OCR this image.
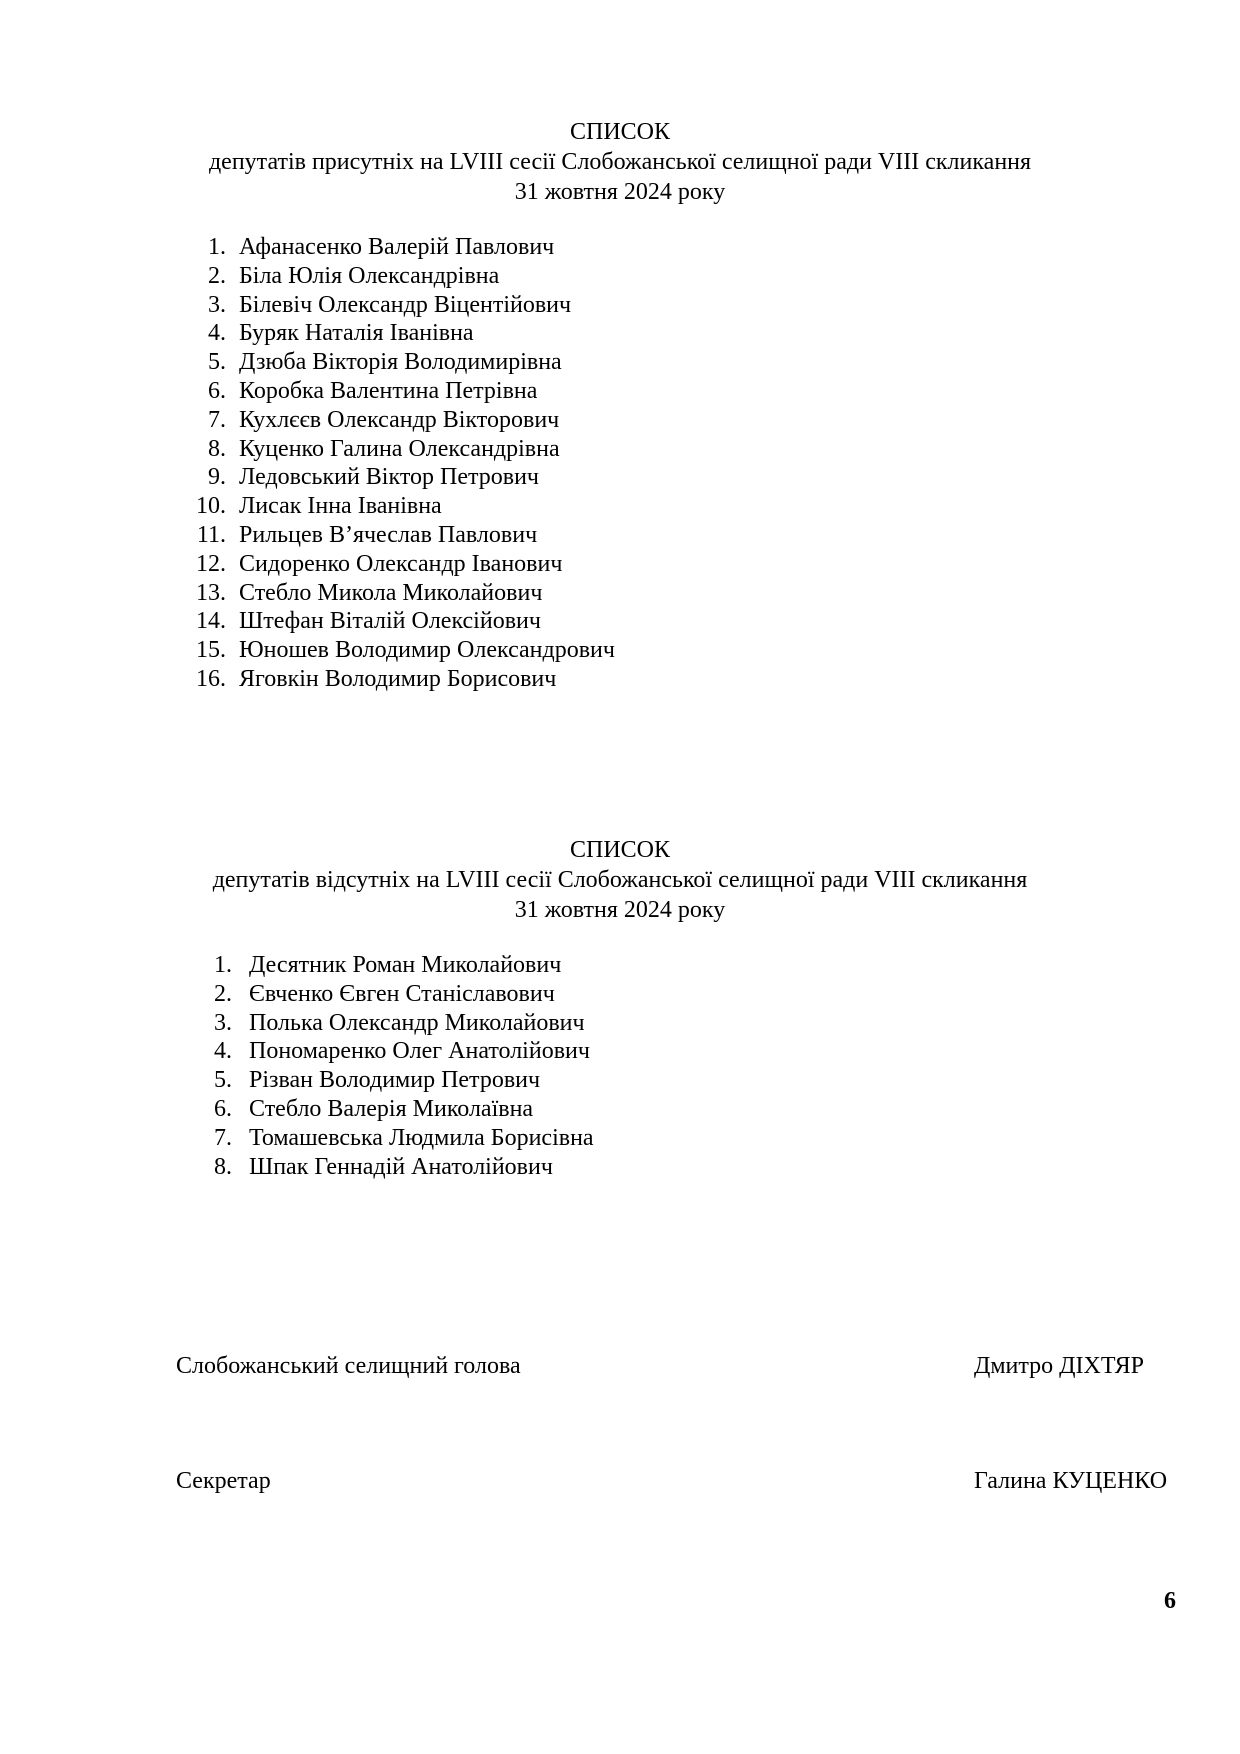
СПИСОК
депутатів присутніх на LVIII сесії Слобожанської селищної ради VIII скликання
31 жовтня 2024 року
1. Афанасенко Валерій Павлович
2. Біла Юлія Олександрівна
3. Білевіч Олександр Віцентійович
4. Буряк Наталія Іванівна
5. Дзюба Вікторія Володимирівна
6. Коробка Валентина Петрівна
7. Кухлєєв Олександр Вікторович
8. Куценко Галина Олександрівна
9. Ледовський Віктор Петрович
10. Лисак Інна Іванівна
11. Рильцев В’ячеслав Павлович
12. Сидоренко Олександр Іванович
13. Стебло Микола Миколайович
14. Штефан Віталій Олексійович
15. Юношев Володимир Олександрович
16. Яговкін Володимир Борисович
СПИСОК
депутатів відсутніх на LVIII сесії Слобожанської селищної ради VIII скликання
31 жовтня 2024 року
1. Десятник Роман Миколайович
2. Євченко Євген Станіславович
3. Полька Олександр Миколайович
4. Пономаренко Олег Анатолійович
5. Різван Володимир Петрович
6. Стебло Валерія Миколаївна
7. Томашевська Людмила Борисівна
8. Шпак Геннадій Анатолійович
Слобожанський селищний голова	Дмитро ДІХТЯР
Секретар	Галина КУЦЕНКО
6
